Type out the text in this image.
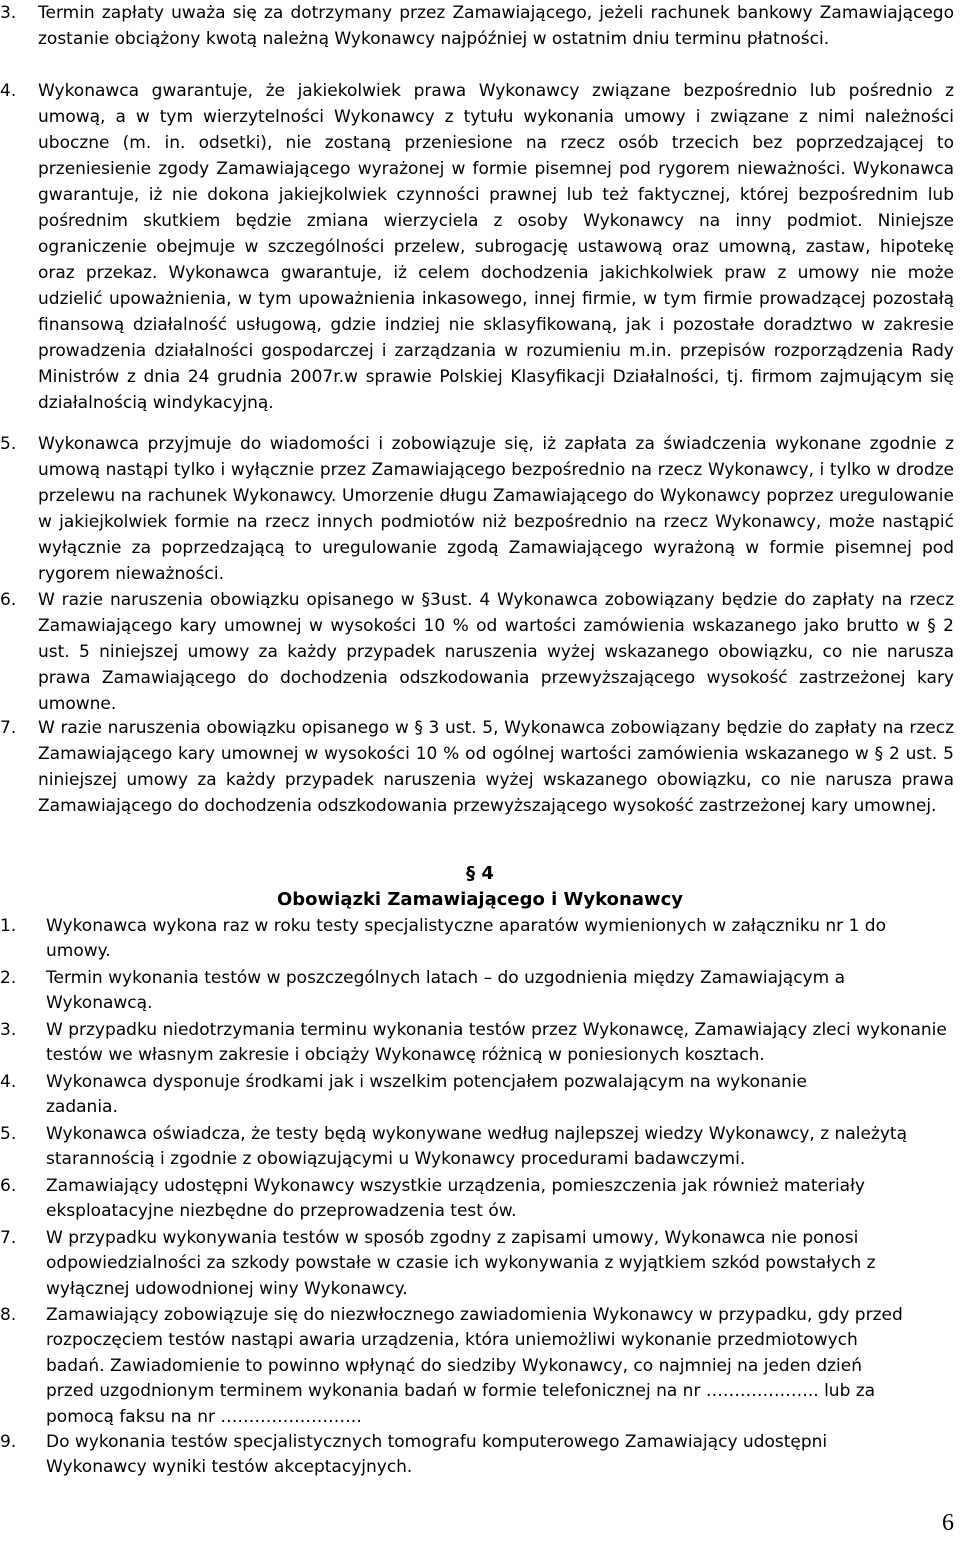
3. Termin zapłaty uważa się za dotrzymany przez Zamawiającego, jeżeli rachunek bankowy Zamawiającego zostanie obciążony kwotą należną Wykonawcy najpóźniej w ostatnim dniu terminu płatności.
4. Wykonawca gwarantuje, że jakiekolwiek prawa Wykonawcy związane bezpośrednio lub pośrednio z umową, a w tym wierzytelności Wykonawcy z tytułu wykonania umowy i związane z nimi należności uboczne (m. in. odsetki), nie zostaną przeniesione na rzecz osób trzecich bez poprzedzającej to przeniesienie zgody Zamawiającego wyrażonej w formie pisemnej pod rygorem nieważności. Wykonawca gwarantuje, iż nie dokona jakiejkolwiek czynności prawnej lub też faktycznej, której bezpośrednim lub pośrednim skutkiem będzie zmiana wierzyciela z osoby Wykonawcy na inny podmiot. Niniejsze ograniczenie obejmuje w szczególności przelew, subrogację ustawową oraz umowną, zastaw, hipotekę oraz przekaz. Wykonawca gwarantuje, iż celem dochodzenia jakichkolwiek praw z umowy nie może udzielić upoważnienia, w tym upoważnienia inkasowego, innej firmie, w tym firmie prowadzącej pozostałą finansową działalność usługową, gdzie indziej nie sklasyfikowaną, jak i pozostałe doradztwo w zakresie prowadzenia działalności gospodarczej i zarządzania w rozumieniu m.in. przepisów rozporządzenia Rady Ministrów z dnia 24 grudnia 2007r.w sprawie Polskiej Klasyfikacji Działalności, tj. firmom zajmującym się działalnością windykacyjną.
5. Wykonawca przyjmuje do wiadomości i zobowiązuje się, iż zapłata za świadczenia wykonane zgodnie z umową nastąpi tylko i wyłącznie przez Zamawiającego bezpośrednio na rzecz Wykonawcy, i tylko w drodze przelewu na rachunek Wykonawcy. Umorzenie długu Zamawiającego do Wykonawcy poprzez uregulowanie w jakiejkolwiek formie na rzecz innych podmiotów niż bezpośrednio na rzecz Wykonawcy, może nastąpić wyłącznie za poprzedzającą to uregulowanie zgodą Zamawiającego wyrażoną w formie pisemnej pod rygorem nieważności.
6. W razie naruszenia obowiązku opisanego w §3ust. 4 Wykonawca zobowiązany będzie do zapłaty na rzecz Zamawiającego kary umownej w wysokości 10 % od wartości zamówienia wskazanego jako brutto w § 2 ust. 5 niniejszej umowy za każdy przypadek naruszenia wyżej wskazanego obowiązku, co nie narusza prawa Zamawiającego do dochodzenia odszkodowania przewyższającego wysokość zastrzeżonej kary umowne.
7. W razie naruszenia obowiązku opisanego w § 3 ust. 5, Wykonawca zobowiązany będzie do zapłaty na rzecz Zamawiającego kary umownej w wysokości 10 % od ogólnej wartości zamówienia wskazanego w § 2 ust. 5 niniejszej umowy za każdy przypadek naruszenia wyżej wskazanego obowiązku, co nie narusza prawa Zamawiającego do dochodzenia odszkodowania przewyższającego wysokość zastrzeżonej kary umownej.
§ 4
Obowiązki Zamawiającego i Wykonawcy
1. Wykonawca wykona raz w roku testy specjalistyczne aparatów wymienionych w załączniku nr 1 do umowy.
2. Termin wykonania testów w poszczególnych latach – do uzgodnienia między Zamawiającym a Wykonawcą.
3. W przypadku niedotrzymania terminu wykonania testów przez Wykonawcę, Zamawiający zleci wykonanie testów we własnym zakresie i obciąży Wykonawcę różnicą w poniesionych kosztach.
4. Wykonawca dysponuje środkami jak i wszelkim potencjałem pozwalającym na wykonanie zadania.
5. Wykonawca oświadcza, że testy będą wykonywane według najlepszej wiedzy Wykonawcy, z należytą starannością i zgodnie z obowiązującymi u Wykonawcy procedurami badawczymi.
6. Zamawiający udostępni Wykonawcy wszystkie urządzenia, pomieszczenia jak również materiały eksploatacyjne niezbędne do przeprowadzenia test ów.
7. W przypadku wykonywania testów w sposób zgodny z zapisami umowy, Wykonawca nie ponosi odpowiedzialności za szkody powstałe w czasie ich wykonywania z wyjątkiem szkód powstałych z wyłącznej udowodnionej winy Wykonawcy.
8. Zamawiający zobowiązuje się do niezwłocznego zawiadomienia Wykonawcy w przypadku, gdy przed rozpoczęciem testów nastąpi awaria urządzenia, która uniemożliwi wykonanie przedmiotowych badań. Zawiadomienie to powinno wpłynąć do siedziby Wykonawcy, co najmniej na jeden dzień przed uzgodnionym terminem wykonania badań w formie telefonicznej na nr ……………….. lub za pomocą faksu na nr …………………….
9. Do wykonania testów specjalistycznych tomografu komputerowego Zamawiający udostępni Wykonawcy wyniki testów akceptacyjnych.
6
